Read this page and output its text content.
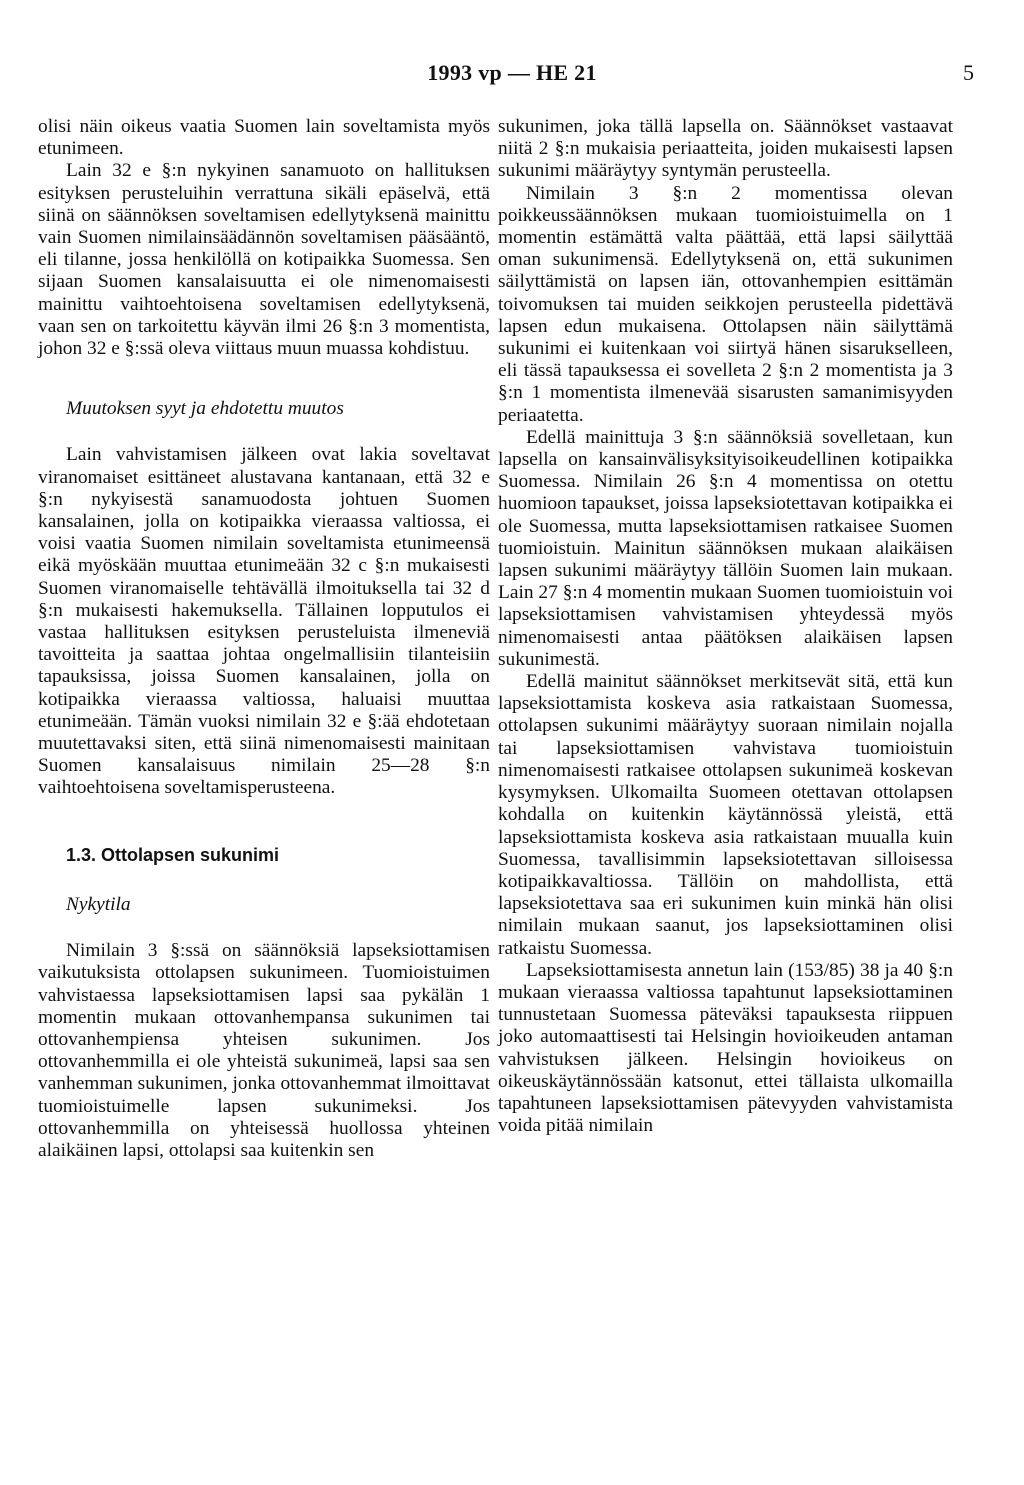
1993 vp — HE 21	5

olisi näin oikeus vaatia Suomen lain soveltamista myös etunimeen.

Lain 32 e §:n nykyinen sanamuoto on hallituksen esityksen perusteluihin verrattuna sikäli epäselvä, että siinä on säännöksen soveltamisen edellytyksenä mainittu vain Suomen nimilainsäädännön soveltamisen pääsääntö, eli tilanne, jossa henkilöllä on kotipaikka Suomessa. Sen sijaan Suomen kansalaisuutta ei ole nimenomaisesti mainittu vaihtoehtoisena soveltamisen edellytyksenä, vaan sen on tarkoitettu käyvän ilmi 26 §:n 3 momentista, johon 32 e §:ssä oleva viittaus muun muassa kohdistuu.

Muutoksen syyt ja ehdotettu muutos

Lain vahvistamisen jälkeen ovat lakia soveltavat viranomaiset esittäneet alustavana kantanaan, että 32 e §:n nykyisestä sanamuodosta johtuen Suomen kansalainen, jolla on kotipaikka vieraassa valtiossa, ei voisi vaatia Suomen nimilain soveltamista etunimeensä eikä myöskään muuttaa etunimeään 32 c §:n mukaisesti Suomen viranomaiselle tehtävällä ilmoituksella tai 32 d §:n mukaisesti hakemuksella. Tällainen lopputulos ei vastaa hallituksen esityksen perusteluista ilmeneviä tavoitteita ja saattaa johtaa ongelmallisiin tilanteisiin tapauksissa, joissa Suomen kansalainen, jolla on kotipaikka vieraassa valtiossa, haluaisi muuttaa etunimeään. Tämän vuoksi nimilain 32 e §:ää ehdotetaan muutettavaksi siten, että siinä nimenomaisesti mainitaan Suomen kansalaisuus nimilain 25—28 §:n vaihtoehtoisena soveltamisperusteena.

1.3. Ottolapsen sukunimi

Nykytila

Nimilain 3 §:ssä on säännöksiä lapseksiottamisen vaikutuksista ottolapsen sukunimeen. Tuomioistuimen vahvistaessa lapseksiottamisen lapsi saa pykälän 1 momentin mukaan ottovanhempansa sukunimen tai ottovanhempiensa yhteisen sukunimen. Jos ottovanhemmilla ei ole yhteistä sukunimeä, lapsi saa sen vanhemman sukunimen, jonka ottovanhemmat ilmoittavat tuomioistuimelle lapsen sukunimeksi. Jos ottovanhemmilla on yhteisessä huollossa yhteinen alaikäinen lapsi, ottolapsi saa kuitenkin sen

sukunimen, joka tällä lapsella on. Säännökset vastaavat niitä 2 §:n mukaisia periaatteita, joiden mukaisesti lapsen sukunimi määräytyy syntymän perusteella.

Nimilain 3 §:n 2 momentissa olevan poikkeussäännöksen mukaan tuomioistuimella on 1 momentin estämättä valta päättää, että lapsi säilyttää oman sukunimensä. Edellytyksenä on, että sukunimen säilyttämistä on lapsen iän, ottovanhempien esittämän toivomuksen tai muiden seikkojen perusteella pidettävä lapsen edun mukaisena. Ottolapsen näin säilyttämä sukunimi ei kuitenkaan voi siirtyä hänen sisarukselleen, eli tässä tapauksessa ei sovelleta 2 §:n 2 momentista ja 3 §:n 1 momentista ilmenevää sisarusten samanimisyyden periaatetta.

Edellä mainittuja 3 §:n säännöksiä sovelletaan, kun lapsella on kansainvälisyksityisoikeudellinen kotipaikka Suomessa. Nimilain 26 §:n 4 momentissa on otettu huomioon tapaukset, joissa lapseksiotettavan kotipaikka ei ole Suomessa, mutta lapseksiottamisen ratkaisee Suomen tuomioistuin. Mainitun säännöksen mukaan alaikäisen lapsen sukunimi määräytyy tällöin Suomen lain mukaan. Lain 27 §:n 4 momentin mukaan Suomen tuomioistuin voi lapseksiottamisen vahvistamisen yhteydessä myös nimenomaisesti antaa päätöksen alaikäisen lapsen sukunimestä.

Edellä mainitut säännökset merkitsevät sitä, että kun lapseksiottamista koskeva asia ratkaistaan Suomessa, ottolapsen sukunimi määräytyy suoraan nimilain nojalla tai lapseksiottamisen vahvistava tuomioistuin nimenomaisesti ratkaisee ottolapsen sukunimeä koskevan kysymyksen. Ulkomailta Suomeen otettavan ottolapsen kohdalla on kuitenkin käytännössä yleistä, että lapseksiottamista koskeva asia ratkaistaan muualla kuin Suomessa, tavallisimmin lapseksiotettavan silloisessa kotipaikkavaltiossa. Tällöin on mahdollista, että lapseksiotettava saa eri sukunimen kuin minkä hän olisi nimilain mukaan saanut, jos lapseksiottaminen olisi ratkaistu Suomessa.

Lapseksiottamisesta annetun lain (153/85) 38 ja 40 §:n mukaan vieraassa valtiossa tapahtunut lapseksiottaminen tunnustetaan Suomessa päteväksi tapauksesta riippuen joko automaattisesti tai Helsingin hovioikeuden antaman vahvistuksen jälkeen. Helsingin hovioikeus on oikeuskäytännössään katsonut, ettei tällaista ulkomailla tapahtuneen lapseksiottamisen pätevyyden vahvistamista voida pitää nimilain
